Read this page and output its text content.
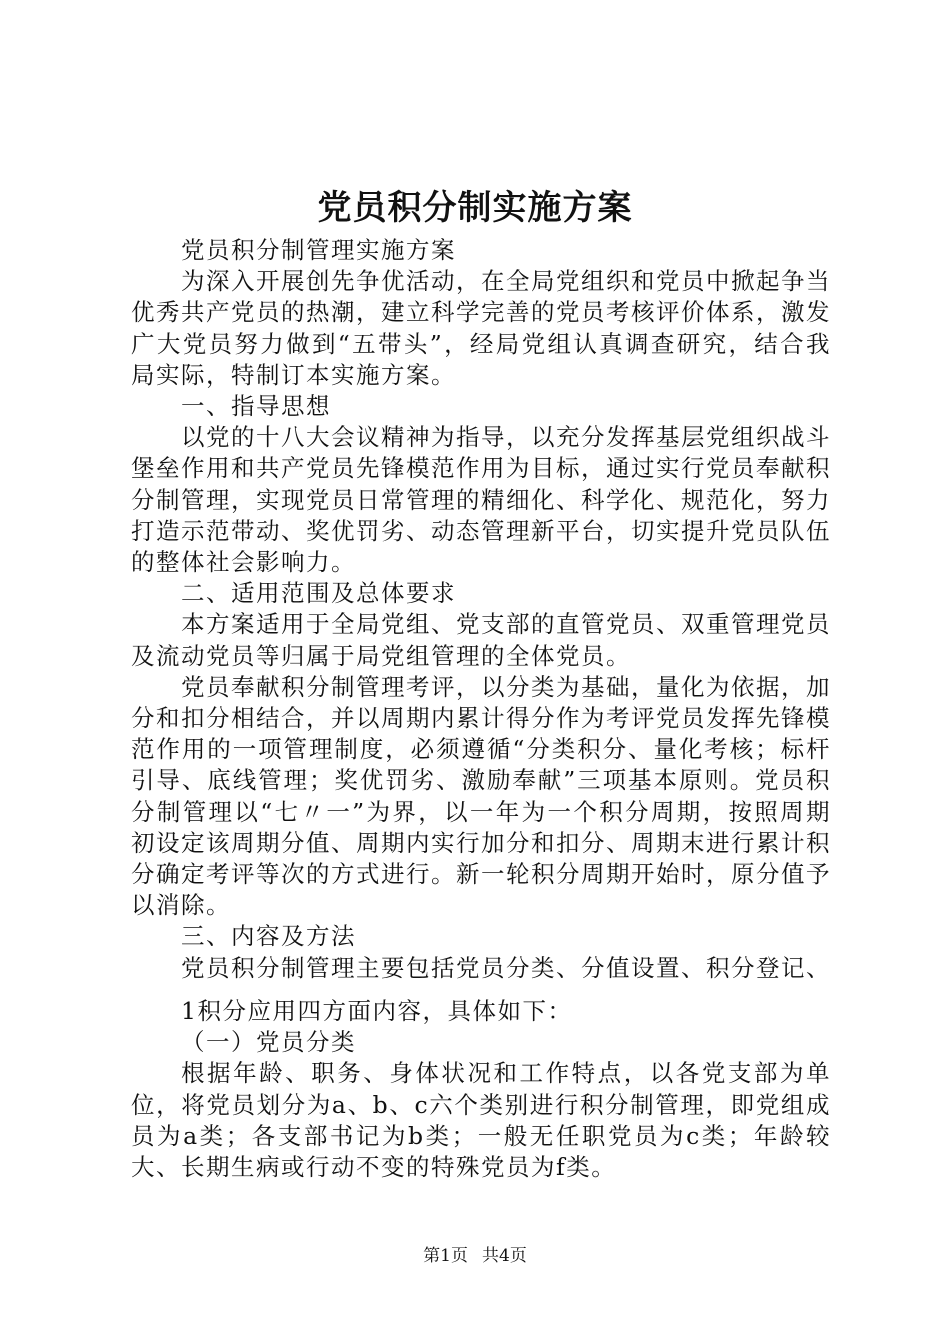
党员积分制实施方案

党员积分制管理实施方案

为深入开展创先争优活动，在全局党组织和党员中掀起争当优秀共产党员的热潮，建立科学完善的党员考核评价体系，激发广大党员努力做到“五带头”，经局党组认真调查研究，结合我局实际，特制订本实施方案。

一、指导思想

以党的十八大会议精神为指导，以充分发挥基层党组织战斗堡垒作用和共产党员先锋模范作用为目标，通过实行党员奉献积分制管理，实现党员日常管理的精细化、科学化、规范化，努力打造示范带动、奖优罚劣、动态管理新平台，切实提升党员队伍的整体社会影响力。

二、适用范围及总体要求

本方案适用于全局党组、党支部的直管党员、双重管理党员及流动党员等归属于局党组管理的全体党员。

党员奉献积分制管理考评，以分类为基础，量化为依据，加分和扣分相结合，并以周期内累计得分作为考评党员发挥先锋模范作用的一项管理制度，必须遵循“分类积分、量化考核；标杆引导、底线管理；奖优罚劣、激励奉献”三项基本原则。党员积分制管理以“七〃一”为界，以一年为一个积分周期，按照周期初设定该周期分值、周期内实行加分和扣分、周期末进行累计积分确定考评等次的方式进行。新一轮积分周期开始时，原分值予以消除。

三、内容及方法

党员积分制管理主要包括党员分类、分值设置、积分登记、

1积分应用四方面内容，具体如下：

（一）党员分类

根据年龄、职务、身体状况和工作特点，以各党支部为单位，将党员划分为a、b、c六个类别进行积分制管理，即党组成员为a类；各支部书记为b类；一般无任职党员为c类；年龄较大、长期生病或行动不变的特殊党员为f类。

第1页 共4页
